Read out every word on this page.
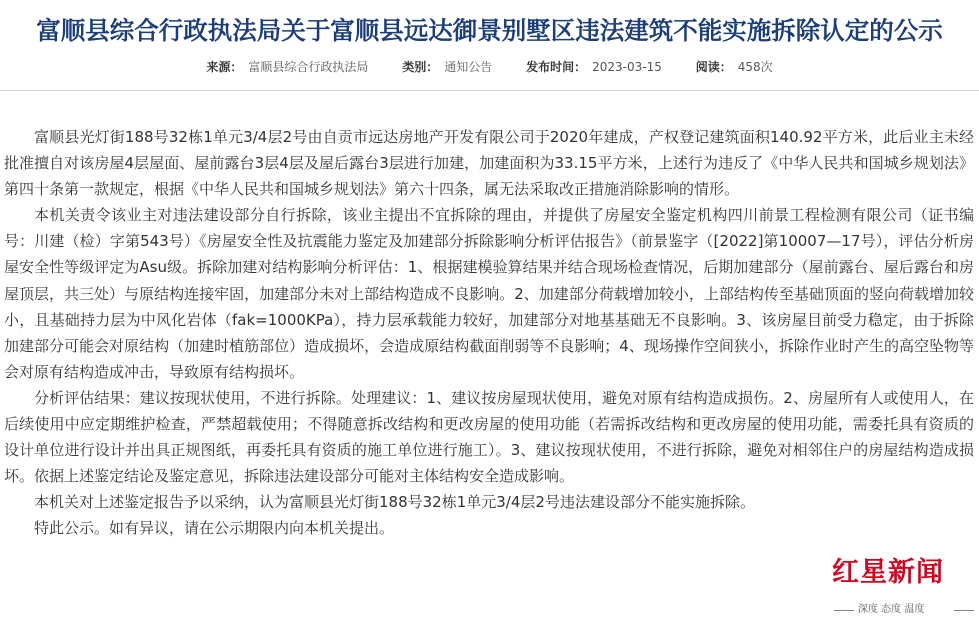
富顺县综合行政执法局关于富顺县远达御景别墅区违法建筑不能实施拆除认定的公示
来源： 富顺县综合行政执法局	类别： 通知公告	发布时间： 2023-03-15	阅读： 458次

富顺县光灯街188号32栋1单元3/4层2号由自贡市远达房地产开发有限公司于2020年建成，产权登记建筑面积140.92平方米，此后业主未经批准擅自对该房屋4层屋面、屋前露台3层4层及屋后露台3层进行加建，加建面积为33.15平方米，上述行为违反了《中华人民共和国城乡规划法》第四十条第一款规定，根据《中华人民共和国城乡规划法》第六十四条，属无法采取改正措施消除影响的情形。

本机关责令该业主对违法建设部分自行拆除，该业主提出不宜拆除的理由，并提供了房屋安全鉴定机构四川前景工程检测有限公司（证书编号：川建（检）字第543号）《房屋安全性及抗震能力鉴定及加建部分拆除影响分析评估报告》（前景鉴字（[2022]第10007—17号），评估分析房屋安全性等级评定为Asu级。拆除加建对结构影响分析评估：1、根据建模验算结果并结合现场检查情况，后期加建部分（屋前露台、屋后露台和房屋顶层，共三处）与原结构连接牢固，加建部分未对上部结构造成不良影响。2、加建部分荷载增加较小，上部结构传至基础顶面的竖向荷载增加较小，且基础持力层为中风化岩体（fak=1000KPa），持力层承载能力较好，加建部分对地基基础无不良影响。3、该房屋目前受力稳定，由于拆除加建部分可能会对原结构（加建时植筋部位）造成损坏，会造成原结构截面削弱等不良影响；4、现场操作空间狭小，拆除作业时产生的高空坠物等会对原有结构造成冲击，导致原有结构损坏。

分析评估结果：建议按现状使用，不进行拆除。处理建议：1、建议按房屋现状使用，避免对原有结构造成损伤。2、房屋所有人或使用人，在后续使用中应定期维护检查，严禁超载使用；不得随意拆改结构和更改房屋的使用功能（若需拆改结构和更改房屋的使用功能，需委托具有资质的设计单位进行设计并出具正规图纸，再委托具有资质的施工单位进行施工）。3、建议按现状使用，不进行拆除，避免对相邻住户的房屋结构造成损坏。依据上述鉴定结论及鉴定意见，拆除违法建设部分可能对主体结构安全造成影响。

本机关对上述鉴定报告予以采纳，认为富顺县光灯街188号32栋1单元3/4层2号违法建设部分不能实施拆除。

特此公示。如有异议，请在公示期限内向本机关提出。

红星新闻
深度 态度 温度
